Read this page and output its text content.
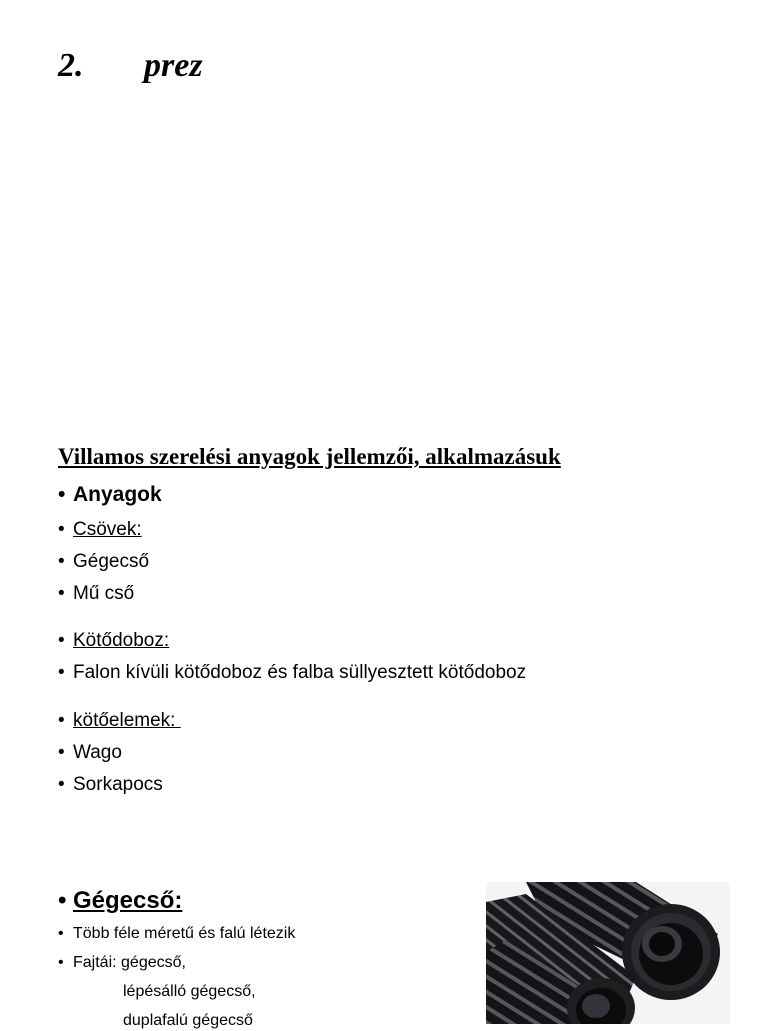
2. prez
Villamos szerelési anyagok jellemzői, alkalmazásuk

• Anyagok

• Csövek:

• Gégecső

• Mű cső

• Kötődoboz:

• Falon kívüli kötődoboz és falba süllyesztett kötődoboz

• kötőelemek:

• Wago

• Sorkapocs

• Gégecső:

• Több féle méretű és falú létezik

• Fajtái: gégecső,

lépésálló gégecső,

duplafalú gégecső
